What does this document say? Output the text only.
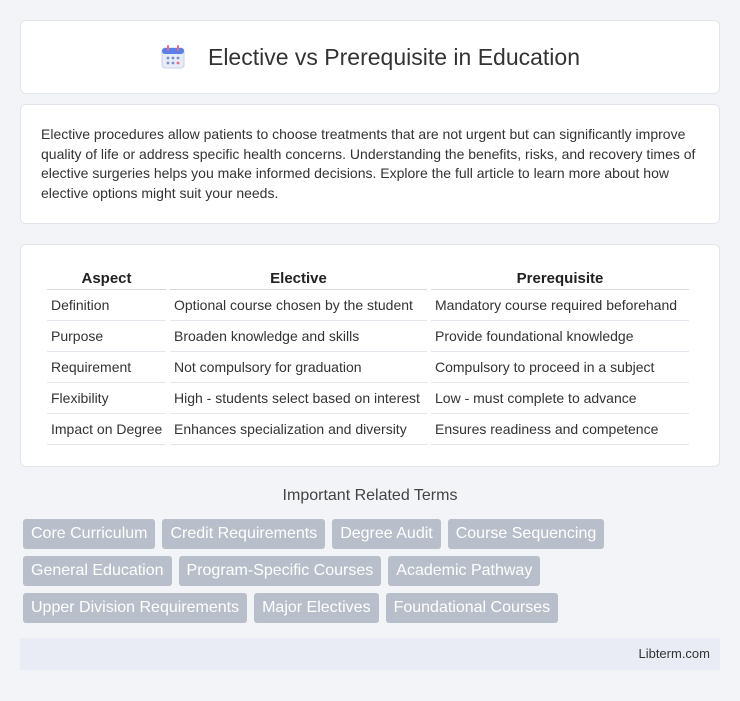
Elective vs Prerequisite in Education

Elective procedures allow patients to choose treatments that are not urgent but can significantly improve quality of life or address specific health concerns. Understanding the benefits, risks, and recovery times of elective surgeries helps you make informed decisions. Explore the full article to learn more about how elective options might suit your needs.

Aspect	Elective	Prerequisite
Definition	Optional course chosen by the student	Mandatory course required beforehand
Purpose	Broaden knowledge and skills	Provide foundational knowledge
Requirement	Not compulsory for graduation	Compulsory to proceed in a subject
Flexibility	High - students select based on interest	Low - must complete to advance
Impact on Degree	Enhances specialization and diversity	Ensures readiness and competence
Important Related Terms
Core Curriculum	Credit Requirements	Degree Audit	Course Sequencing
General Education	Program-Specific Courses	Academic Pathway
Upper Division Requirements	Major Electives	Foundational Courses
Libterm.com
